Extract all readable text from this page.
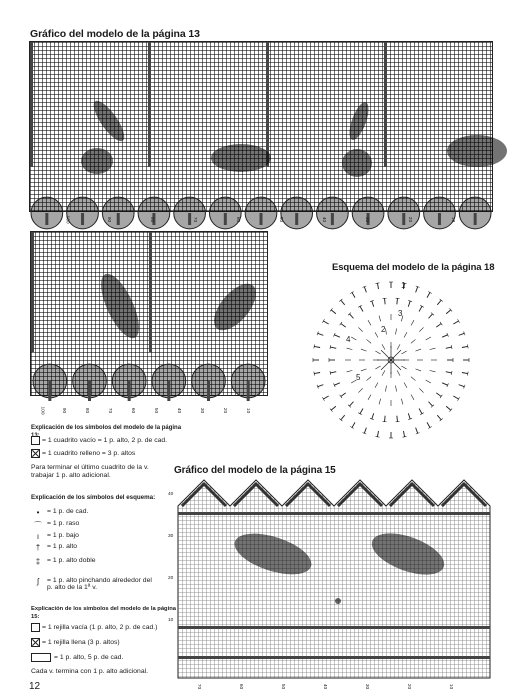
Gráfico del modelo de la página 13
10
20
30
40
50
60
70
80
90
100
10
20
30
40
50
60
70
80
90
100
Esquema del modelo de la página 18
1
2
3
4
5
Explicación de los símbolos del modelo de la página
= 1 cuadrito vacío = 1 p. alto, 2 p. de cad.
= 1 cuadrito relleno = 3 p. altos
Para terminar el último cuadrito de la v. trabajar 1 p. alto adicional.
Explicación de los símbolos del esquema:
•	= 1 p. de cad.
⌒ = 1 p. raso
ı	= 1 p. bajo
† = 1 p. alto
‡ = 1 p. alto doble
ʃ	= 1 p. alto pinchando alrededor del p. alto de la 1ª v.
Explicación de los símbolos del modelo de la página 15:
= 1 rejilla vacía (1 p. alto, 2 p. de cad.)
= 1 rejilla llena (3 p. altos)
= 1 p. alto, 5 p. de cad.
Cada v. termina con 1 p. alto adicional.
Gráfico del modelo de la página 15
10
20
30
40
50
60
70
10
20
30
40
12
